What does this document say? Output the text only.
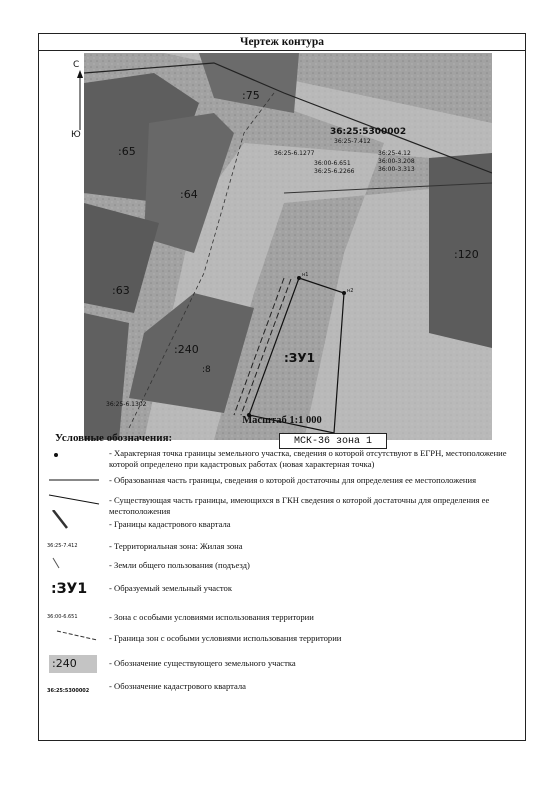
Чертеж контура
С
Ю
:75
:65
:64
:63
:240
:8
:120
:ЗУ1
36:25:5300002
36:25-7.412
36:25-6.1277
36:00-6.651
36:25-6.2266
36:25-4.12
36:00-3.208
36:00-3.313
36:25-6.1302
н1
н2
МСК-36 зона 1
Масштаб 1:1 000
Условные обозначения:
- Характерная точка границы земельного участка, сведения о которой отсутствуют в ЕГРН, местоположение которой определено при кадастровых работах (новая характерная точка)
- Образованная часть границы, сведения о которой достаточны для определения ее местоположения
- Существующая часть границы, имеющихся в ГКН сведения о которой достаточны для определения ее местоположения
- Границы кадастрового квартала
36:25-7.412	- Территориальная зона: Жилая зона
- Земли общего пользования (подъезд)
:ЗУ1	- Образуемый земельный участок
36:00-6.651	- Зона с особыми условиями использования территории
- Граница зон с особыми условиями использования территории
:240	- Обозначение существующего земельного участка
36:25:5300002	- Обозначение кадастрового квартала
